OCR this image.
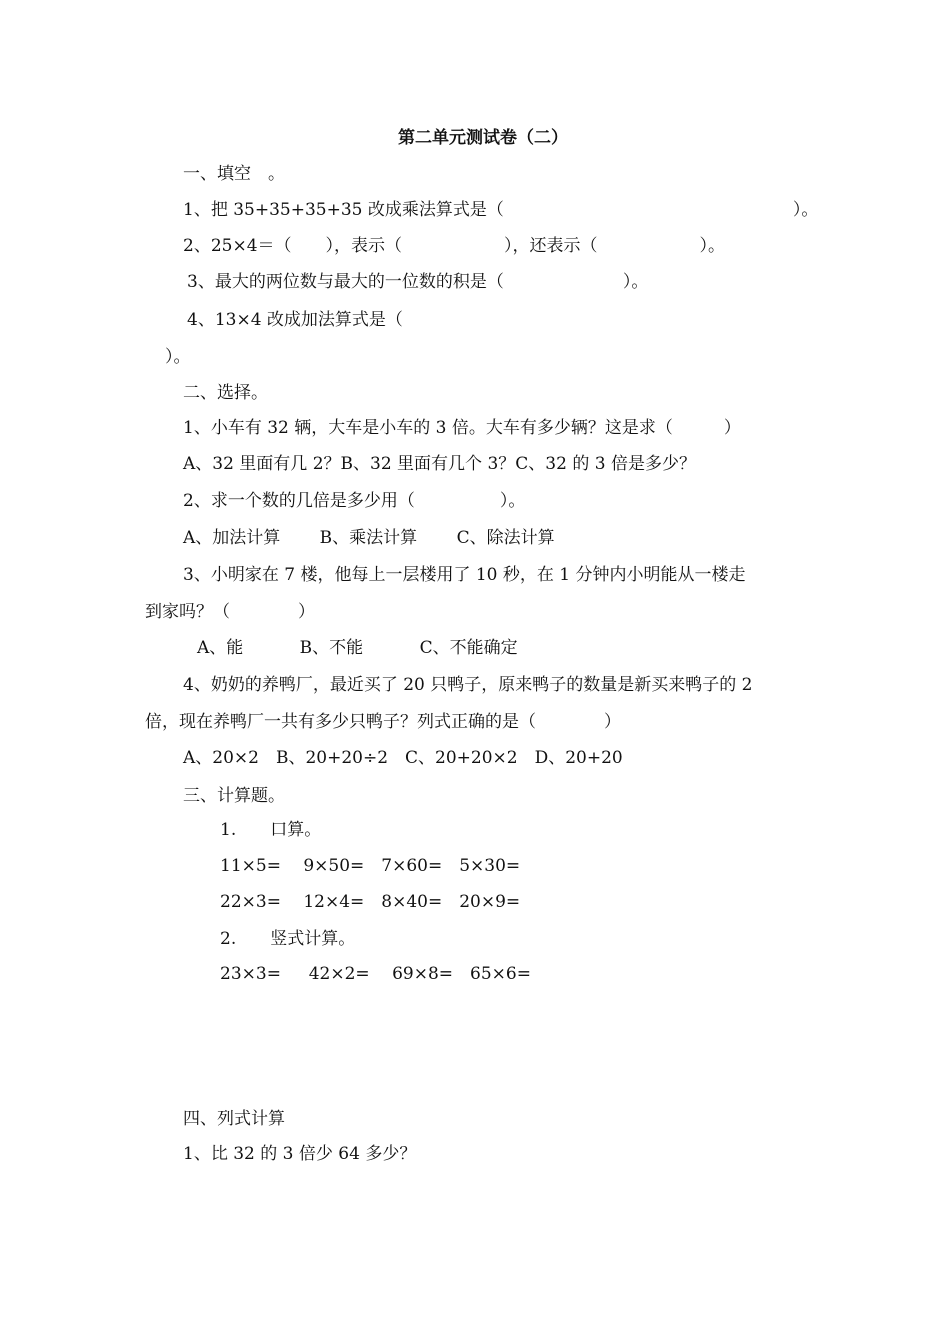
第二单元测试卷（二）
一、填空　。
1、把 35+35+35+35 改成乘法算式是（　　　　　　　　　　　　　　　　　）。
2、25×4＝（　　），表示（　　　　　　），还表示（　　　　　　）。
3、最大的两位数与最大的一位数的积是（　　　　　　　）。
4、13×4 改成加法算式是（
）。
二、选择。
1、小车有 32 辆，大车是小车的 3 倍。大车有多少辆？这是求（　　　）
A、32 里面有几 2？B、32 里面有几个 3？C、32 的 3 倍是多少？
2、求一个数的几倍是多少用（　　　　　）。
A、加法计算　　 B、乘法计算　　 C、除法计算
3、小明家在 7 楼，他每上一层楼用了 10 秒，在 1 分钟内小明能从一楼走
到家吗？（　　　　）
A、能　　　 B、不能　　　 C、不能确定
4、奶奶的养鸭厂，最近买了 20 只鸭子，原来鸭子的数量是新买来鸭子的 2
倍，现在养鸭厂一共有多少只鸭子？列式正确的是（　　　　）
A、20×2　B、20+20÷2　C、20+20×2　D、20+20
三、计算题。
1.　　口算。
11×5=　 9×50=　7×60=　5×30=
22×3=　 12×4=　8×40=　20×9=
2.　　竖式计算。
23×3=　  42×2=　 69×8=　65×6=
四、列式计算
1、比 32 的 3 倍少 64 多少？
